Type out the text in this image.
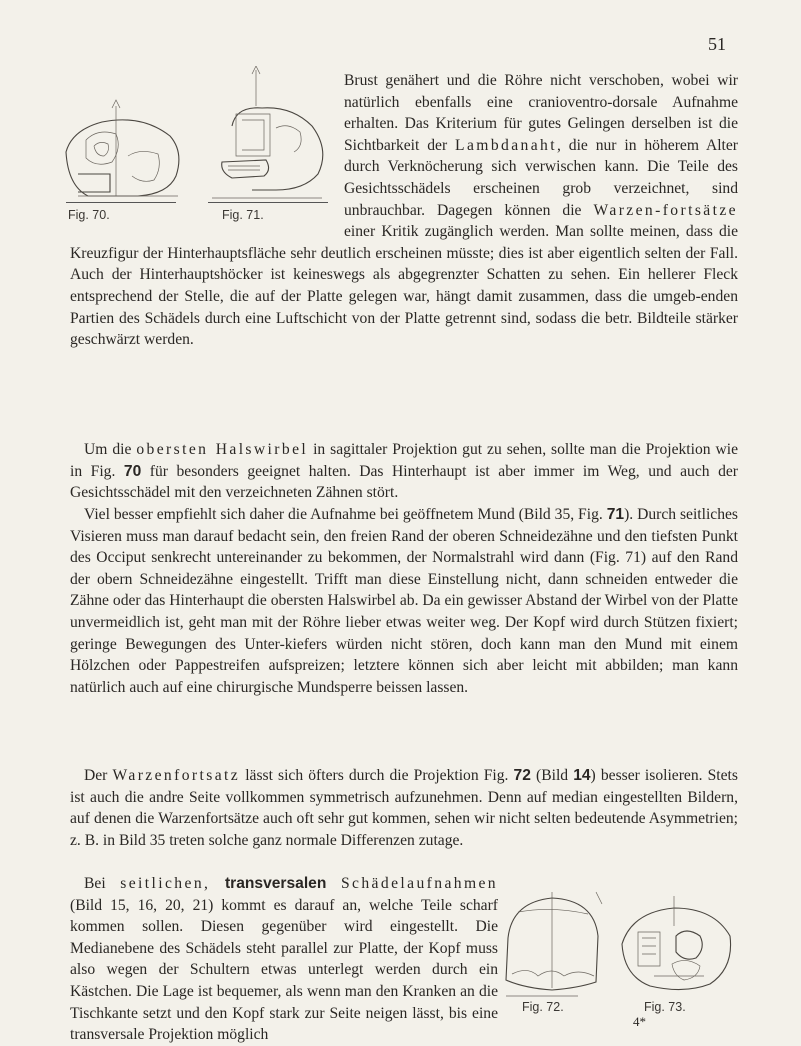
51
Fig. 70.	Fig. 71.

Brust genähert und die Röhre nicht verschoben, wobei wir natürlich ebenfalls eine cranioventro-dorsale Aufnahme erhalten. Das Kriterium für gutes Gelingen derselben ist die Sichtbarkeit der Lambdanaht, die nur in höherem Alter durch Verknöcherung sich verwischen kann. Die Teile des Gesichtsschädels erscheinen grob verzeichnet, sind unbrauchbar. Dagegen können die Warzen-fortsätze einer Kritik zugänglich werden. Man sollte meinen, dass die Kreuzfigur der Hinterhauptsfläche sehr deutlich erscheinen müsste; dies ist aber eigentlich selten der Fall. Auch der Hinterhauptshöcker ist keineswegs als abgegrenzter Schatten zu sehen. Ein hellerer Fleck entsprechend der Stelle, die auf der Platte gelegen war, hängt damit zusammen, dass die umgeb-enden Partien des Schädels durch eine Luftschicht von der Platte getrennt sind, sodass die betr. Bildteile stärker geschwärzt werden.

Um die obersten Halswirbel in sagittaler Projektion gut zu sehen, sollte man die Projektion wie in Fig. 70 für besonders geeignet halten. Das Hinterhaupt ist aber immer im Weg, und auch der Gesichtsschädel mit den verzeichneten Zähnen stört.

Viel besser empfiehlt sich daher die Aufnahme bei geöffnetem Mund (Bild 35, Fig. 71). Durch seitliches Visieren muss man darauf bedacht sein, den freien Rand der oberen Schneidezähne und den tiefsten Punkt des Occiput senkrecht untereinander zu bekommen, der Normalstrahl wird dann (Fig. 71) auf den Rand der obern Schneidezähne eingestellt. Trifft man diese Einstellung nicht, dann schneiden entweder die Zähne oder das Hinterhaupt die obersten Halswirbel ab. Da ein gewisser Abstand der Wirbel von der Platte unvermeidlich ist, geht man mit der Röhre lieber etwas weiter weg. Der Kopf wird durch Stützen fixiert; geringe Bewegungen des Unter-kiefers würden nicht stören, doch kann man den Mund mit einem Hölzchen oder Pappestreifen aufspreizen; letztere können sich aber leicht mit abbilden; man kann natürlich auch auf eine chirurgische Mundsperre beissen lassen.

Der Warzenfortsatz lässt sich öfters durch die Projektion Fig. 72 (Bild 14) besser isolieren. Stets ist auch die andre Seite vollkommen symmetrisch aufzunehmen. Denn auf median eingestellten Bildern, auf denen die Warzenfortsätze auch oft sehr gut kommen, sehen wir nicht selten bedeutende Asymmetrien; z. B. in Bild 35 treten solche ganz normale Differenzen zutage.

Bei seitlichen, transversalen Schädelaufnahmen (Bild 15, 16, 20, 21) kommt es darauf an, welche Teile scharf kommen sollen. Diesen gegenüber wird eingestellt. Die Medianebene des Schädels steht parallel zur Platte, der Kopf muss also wegen der Schultern etwas unterlegt werden durch ein Kästchen. Die Lage ist bequemer, als wenn man den Kranken an die Tischkante setzt und den Kopf stark zur Seite neigen lässt, bis eine transversale Projektion möglich

Fig. 72.	Fig. 73.
4*
